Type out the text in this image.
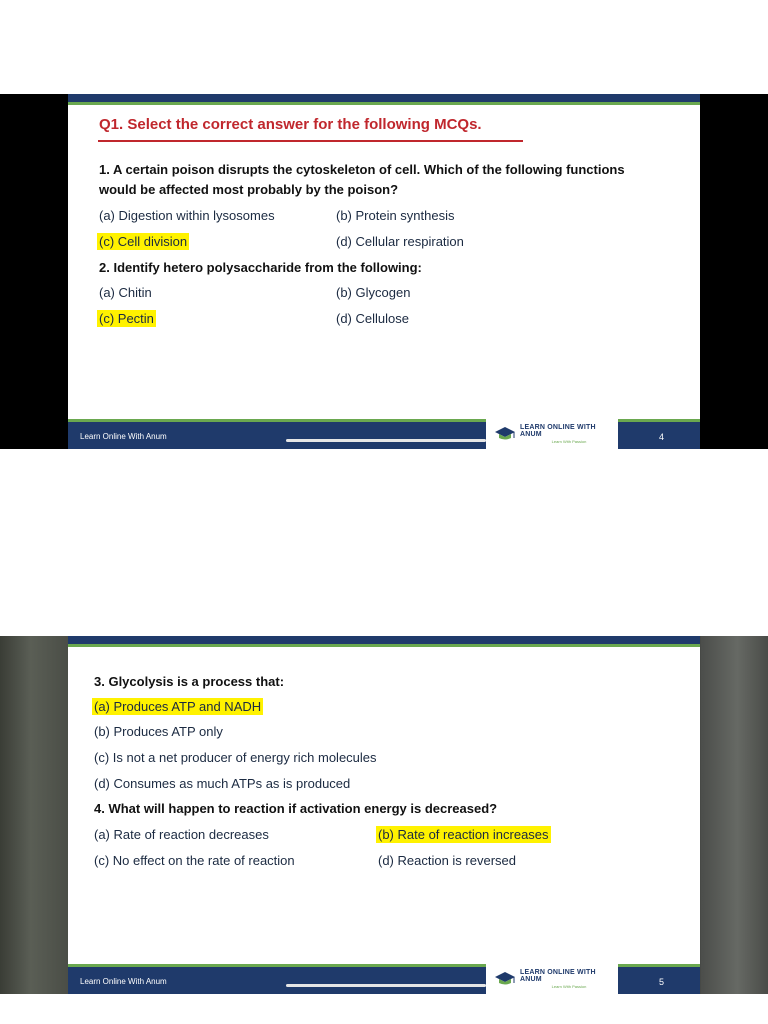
Q1. Select the correct answer for the following MCQs.
1. A certain poison disrupts the cytoskeleton of cell. Which of the following functions
would be affected most probably by the poison?
(a) Digestion within lysosomes	(b) Protein synthesis
(c) Cell division	(d) Cellular respiration
2. Identify hetero polysaccharide from the following:
(a) Chitin	(b) Glycogen
(c) Pectin	(d) Cellulose
Learn Online With Anum
LEARN ONLINE WITH ANUM
Learn With Passion	4
3. Glycolysis is a process that:
(a) Produces ATP and NADH
(b) Produces ATP only
(c) Is not a net producer of energy rich molecules
(d) Consumes as much ATPs as is produced
4. What will happen to reaction if activation energy is decreased?
(a) Rate of reaction decreases	(b) Rate of reaction increases
(c) No effect on the rate of reaction	(d) Reaction is reversed
Learn Online With Anum
LEARN ONLINE WITH ANUM
Learn With Passion	5
